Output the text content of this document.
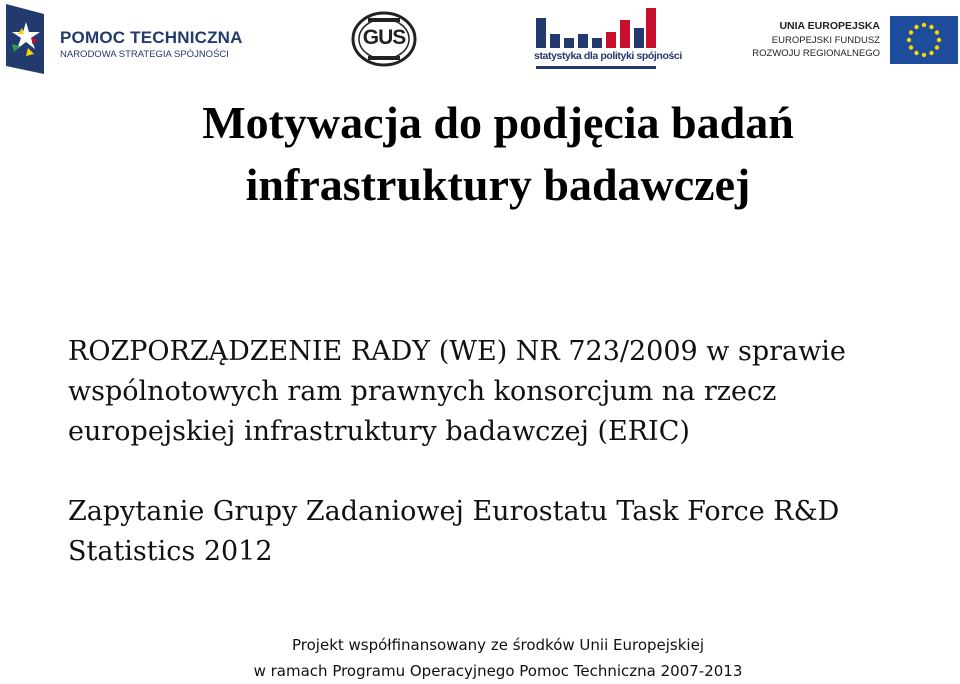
POMOC TECHNICZNA
NARODOWA STRATEGIA SPÓJNOŚCI
GUS
statystyka dla polityki spójności
UNIA EUROPEJSKA
EUROPEJSKI FUNDUSZ
ROZWOJU REGIONALNEGO
Motywacja do podjęcia badań
infrastruktury badawczej

ROZPORZĄDZENIE RADY (WE) NR 723/2009 w sprawie wspólnotowych ram prawnych konsorcjum na rzecz europejskiej infrastruktury badawczej (ERIC)

Zapytanie Grupy Zadaniowej Eurostatu Task Force R&D Statistics 2012

Projekt współfinansowany ze środków Unii Europejskiej

w ramach Programu Operacyjnego Pomoc Techniczna 2007-2013
